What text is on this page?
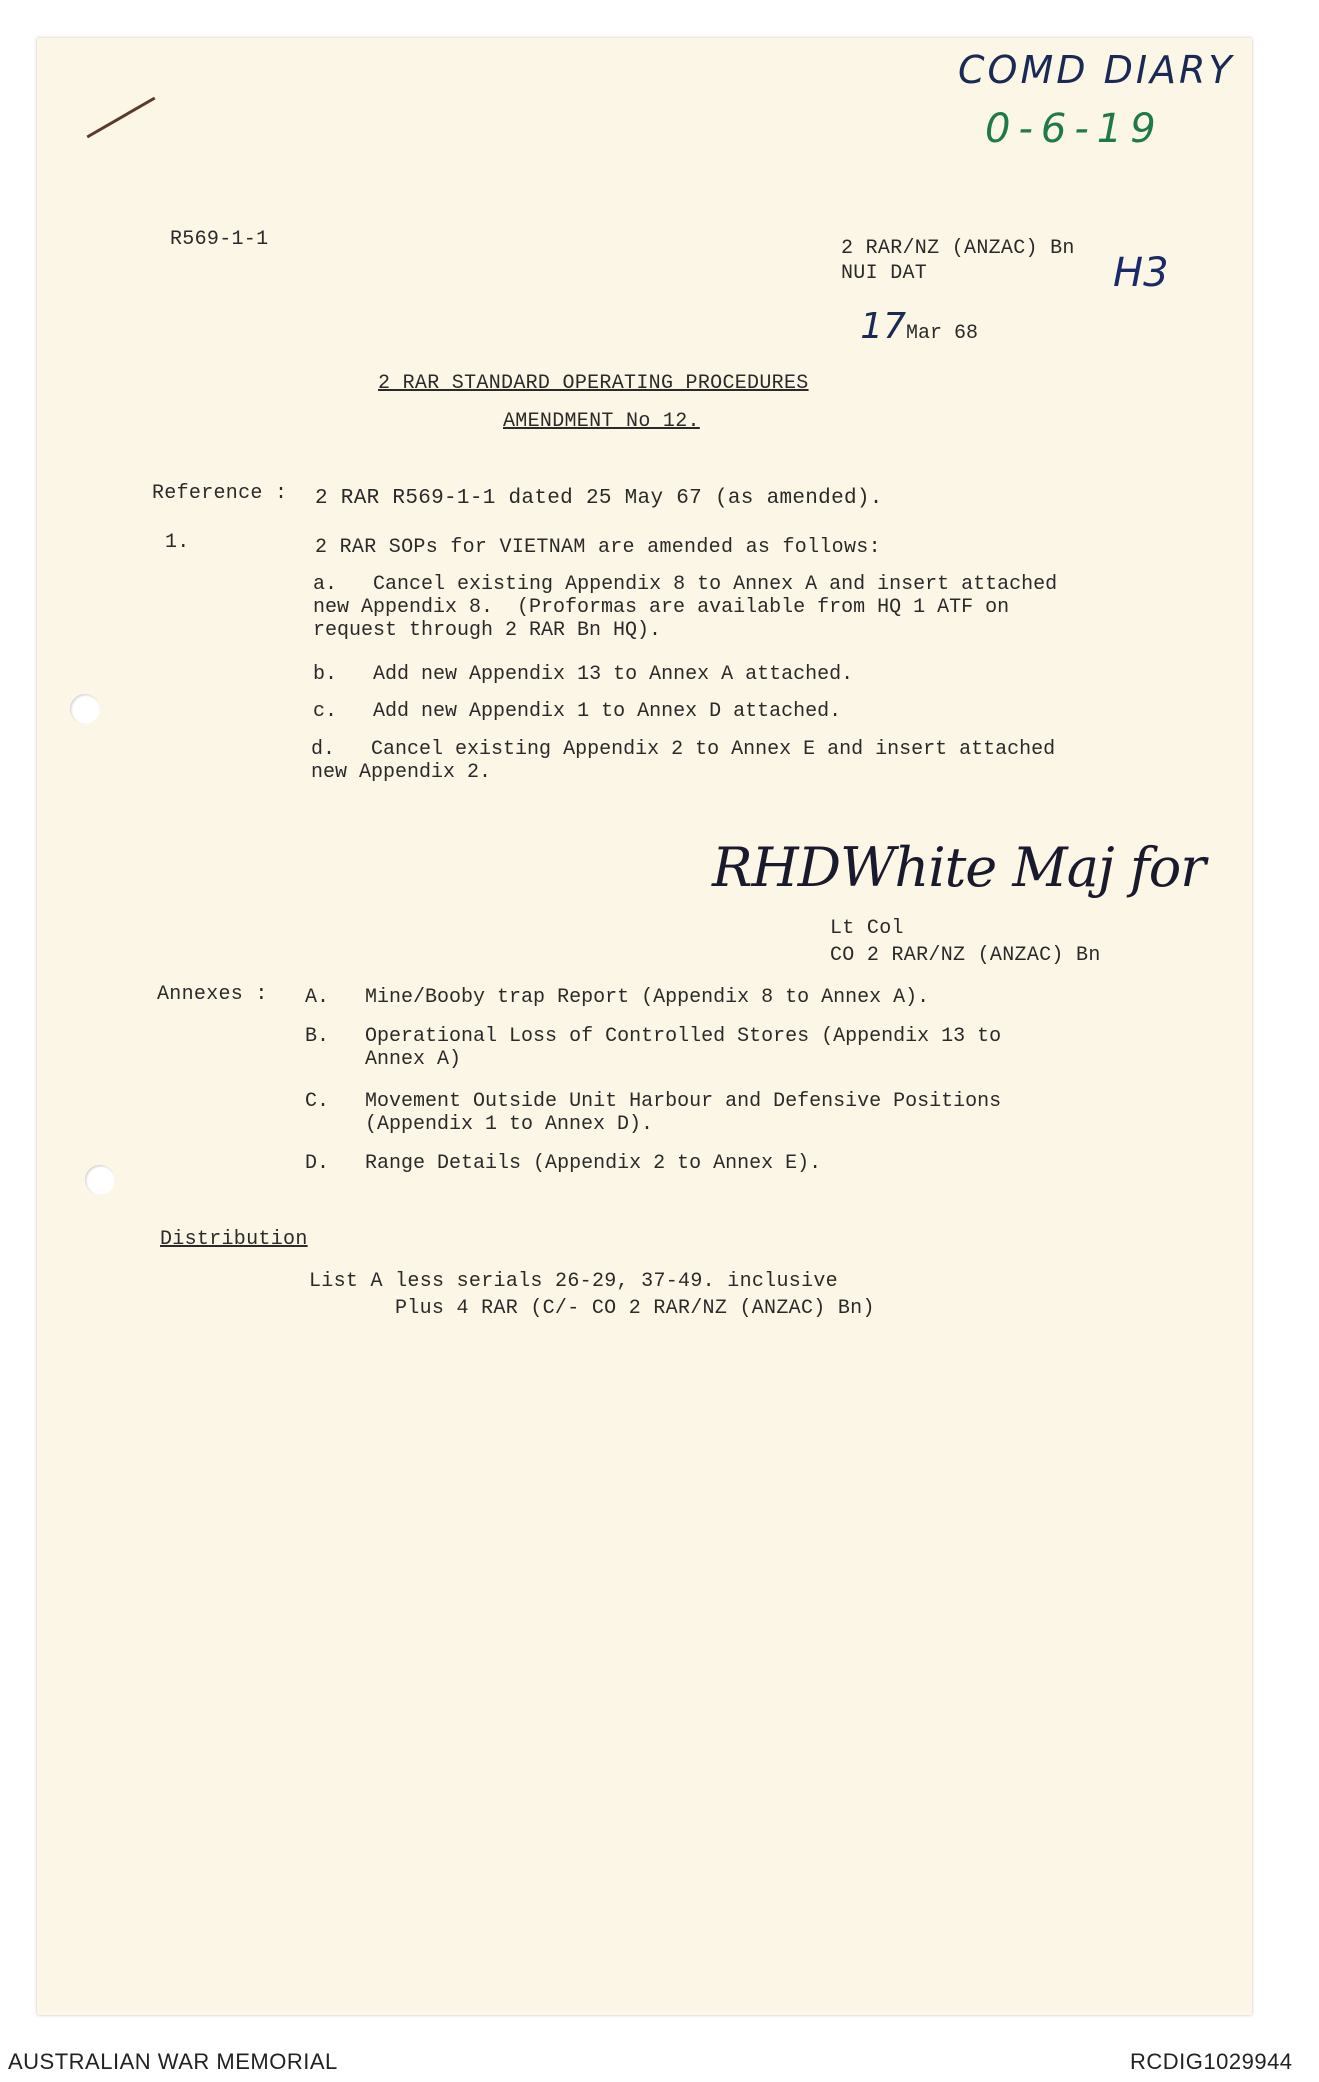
COMD DIARY
0-6-19
H3
R569-1-1	2 RAR/NZ (ANZAC) Bn
NUI DAT

17Mar 68

2 RAR STANDARD OPERATING PROCEDURES
AMENDMENT No 12.
Reference : 2 RAR R569-1-1 dated 25 May 67 (as amended).
1.	2 RAR SOPs for VIETNAM are amended as follows:
a. Cancel existing Appendix 8 to Annex A and insert attached
new Appendix 8.  (Proformas are available from HQ 1 ATF on
request through 2 RAR Bn HQ).
b. Add new Appendix 13 to Annex A attached.
c. Add new Appendix 1 to Annex D attached.
d. Cancel existing Appendix 2 to Annex E and insert attached
new Appendix 2.
RHDWhite Maj for
Lt Col
CO 2 RAR/NZ (ANZAC) Bn
Annexes : A. Mine/Booby trap Report (Appendix 8 to Annex A).
B. Operational Loss of Controlled Stores (Appendix 13 to
Annex A)
C. Movement Outside Unit Harbour and Defensive Positions
(Appendix 1 to Annex D).
D. Range Details (Appendix 2 to Annex E).
Distribution
List A less serials 26-29, 37-49. inclusive
Plus 4 RAR (C/- CO 2 RAR/NZ (ANZAC) Bn)
AUSTRALIAN WAR MEMORIAL	RCDIG1029944
